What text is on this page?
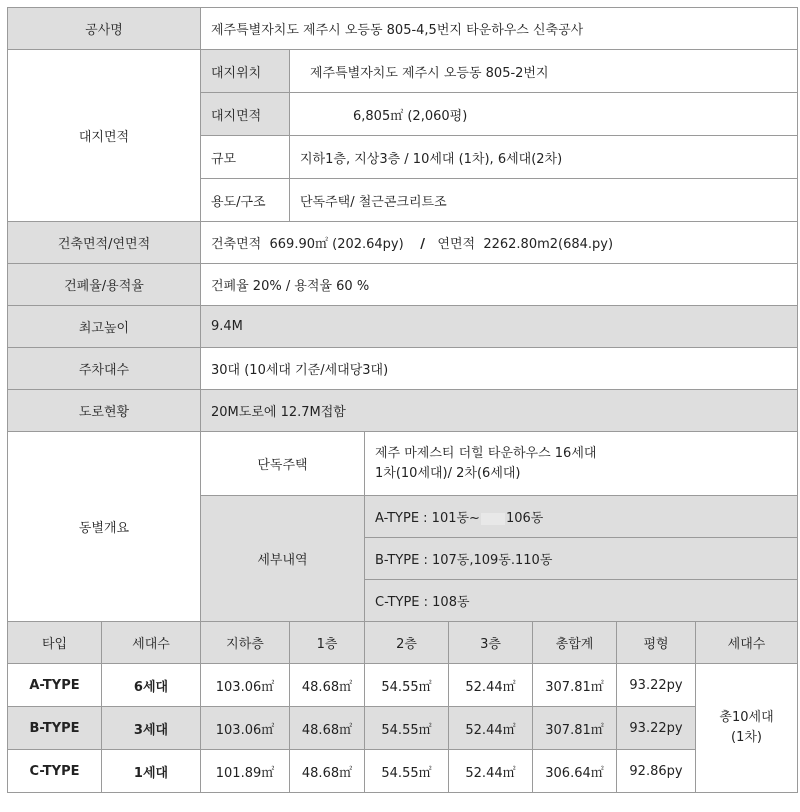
공사명		제주특별자치도 제주시 오등동 805-4,5번지 타운하우스 신축공사						
대지면적		대지위치	제주특별자치도 제주시 오등동 805-2번지					
		대지면적	6,805㎡ (2,060평)					
		규모	지하1층, 지상3층 / 10세대 (1차), 6세대(2차)					
		용도/구조	단독주택/ 철근콘크리트조					
건축면적/연면적		건축면적 669.90㎡ (202.64py) / 연면적 2262.80m2(684.py)						
건폐율/용적율		건폐율 20% / 용적율 60 %						
최고높이		9.4M						
주차대수		30대 (10세대 기준/세대당3대)						
도로현황		20M도로에 12.7M접함						
동별개요		단독주택		제주 마제스티 더힐 타운하우스 16세대
1차(10세대)/ 2차(6세대)				
		세부내역		A-TYPE : 101동~ 106동				
				B-TYPE : 107동,109동.110동				
				C-TYPE : 108동				
타입	세대수	지하층	1층	2층	3층	총합계	평형	세대수
A-TYPE	6세대	103.06㎡	48.68㎡	54.55㎡	52.44㎡	307.81㎡	93.22py	총10세대
(1차)
B-TYPE	3세대	103.06㎡	48.68㎡	54.55㎡	52.44㎡	307.81㎡	93.22py	
C-TYPE	1세대	101.89㎡	48.68㎡	54.55㎡	52.44㎡	306.64㎡	92.86py	
